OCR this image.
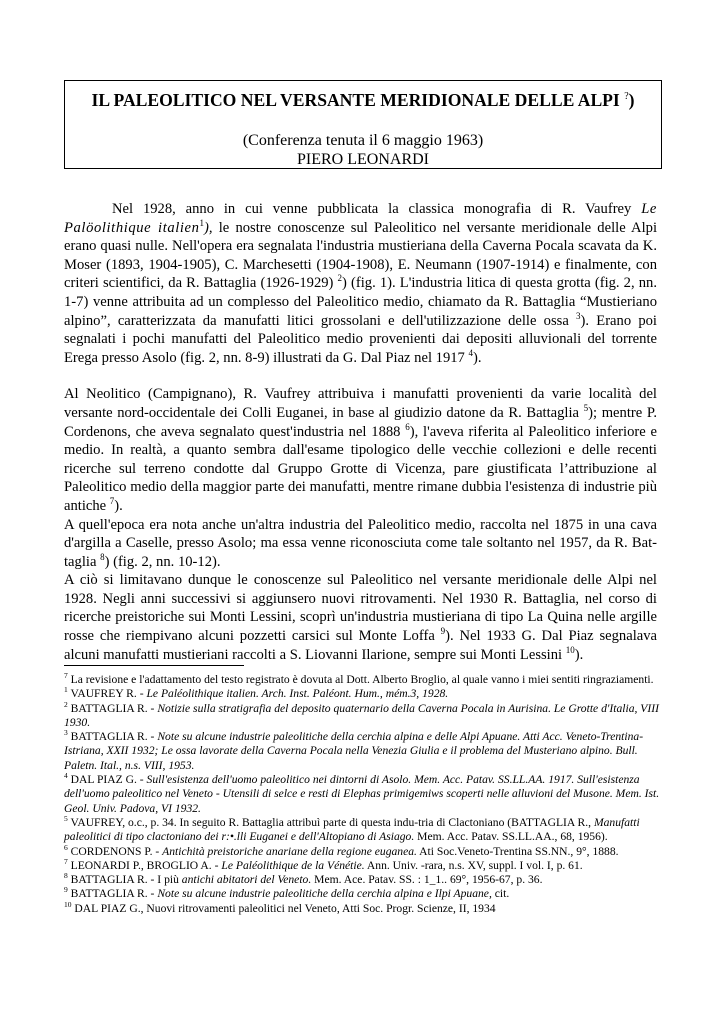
IL PALEOLITICO NEL VERSANTE MERIDIONALE DELLE ALPI ?)
(Conferenza tenuta il 6 maggio 1963)
PIERO LEONARDI

Nel 1928, anno in cui venne pubblicata la classica monografia di R. Vaufrey Le Palöolithique italien$^1$), le nostre conoscenze sul Paleolitico nel versante meridionale delle Alpi erano quasi nulle. Nell'opera era segnalata l'industria mustieriana della Caverna Pocala scavata da K. Moser (1893, 1904-1905), C. Marchesetti (1904-1908), E. Neumann (1907-1914) e finalmente, con criteri scientifici, da R. Battaglia (1926-1929) $^2$) (fig. 1). L'industria litica di questa grotta (fig. 2, nn. 1-7) venne attribuita ad un complesso del Paleolitico medio, chiamato da R. Battaglia “Mustieriano alpino”, caratterizzata da manufatti litici grossolani e dell'utilizzazione delle ossa $^3$). Erano poi segnalati i pochi manufatti del Paleolitico medio provenienti dai depositi alluvionali del torrente Erega presso Asolo (fig. 2, nn. 8-9) illustrati da G. Dal Piaz nel 1917 $^4$).

Al Neolitico (Campignano), R. Vaufrey attribuiva i manufatti provenienti da varie località del versante nord-occidentale dei Colli Euganei, in base al giudizio datone da R. Battaglia $^5$); mentre P. Cordenons, che aveva segnalato quest'industria nel 1888 $^6$), l'aveva riferita al Paleolitico inferiore e medio. In realtà, a quanto sembra dall'esame tipologico delle vecchie collezioni e delle recenti ricerche sul terreno condotte dal Gruppo Grotte di Vicenza, pare giustificata l’attribuzione al Paleolitico medio della maggior parte dei manufatti, mentre rimane dubbia l'esistenza di industrie più antiche $^7$).

A quell'epoca era nota anche un'altra industria del Paleolitico medio, raccolta nel 1875 in una cava d'argilla a Caselle, presso Asolo; ma essa venne riconosciuta come tale soltanto nel 1957, da R. Bat-taglia $^8$) (fig. 2, nn. 10-12).

A ciò si limitavano dunque le conoscenze sul Paleolitico nel versante meridionale delle Alpi nel 1928. Negli anni successivi si aggiunsero nuovi ritrovamenti. Nel 1930 R. Battaglia, nel corso di ricerche preistoriche sui Monti Lessini, scoprì un'industria mustieriana di tipo La Quina nelle argille rosse che riempivano alcuni pozzetti carsici sul Monte Loffa $^9$). Nel 1933 G. Dal Piaz segnalava alcuni manufatti mustieriani raccolti a S. Liovanni Ilarione, sempre sui Monti Lessini $^{10}$).

$^7$ La revisione e l'adattamento del testo registrato è dovuta al Dott. Alberto Broglio, al quale vanno i miei sentiti ringraziamenti.

$^1$ VAUFREY R. - Le Paléolithique italien. Arch. Inst. Paléont. Hum., mém.3, 1928.

$^2$ BATTAGLIA R. - Notizie sulla stratigrafia del deposito quaternario della Caverna Pocala in Aurisina. Le Grotte d'Italia, VIII 1930.

$^3$ BATTAGLIA R. - Note su alcune industrie paleolitiche della cerchia alpina e delle Alpi Apuane. Atti Acc. Veneto-Trentina-Istriana, XXII 1932; Le ossa lavorate della Caverna Pocala nella Venezia Giulia e il problema del Musteriano alpino. Bull. Paletn. Ital., n.s. VIII, 1953.

$^4$ DAL PIAZ G. - Sull'esistenza dell'uomo paleolitico nei dintorni di Asolo. Mem. Acc. Patav. SS.LL.AA. 1917. Sull'esistenza dell'uomo paleolitico nel Veneto - Utensili di selce e resti di Elephas primigemiws scoperti nelle alluvioni del Musone. Mem. Ist. Geol. Univ. Padova, VI 1932.

$^5$ VAUFREY, o.c., p. 34. In seguito R. Battaglia attribuì parte di questa indu-tria di Clactoniano (BATTAGLIA R., Manufatti paleolitici di tipo clactoniano dei r:•.lli Euganei e dell'Altopiano di Asiago. Mem. Acc. Patav. SS.LL.AA., 68, 1956).

$^6$ CORDENONS P. - Antichità preistoriche anariane della regione euganea. Ati Soc.Veneto-Trentina SS.NN., 9°, 1888.

$^7$ LEONARDI P., BROGLIO A. - Le Paléolithique de la Vénétie. Ann. Univ. -rara, n.s. XV, suppl. I vol. I, p. 61.

$^8$ BATTAGLIA R. - I più antichi abitatori del Veneto. Mem. Ace. Patav. SS. : 1_1.. 69°, 1956-67, p. 36.

$^9$ BATTAGLIA R. - Note su alcune industrie paleolitiche della cerchia alpina e Ilpi Apuane, cit.

$^{10}$ DAL PIAZ G., Nuovi ritrovamenti paleolitici nel Veneto, Atti Soc. Progr. Scienze, II, 1934
